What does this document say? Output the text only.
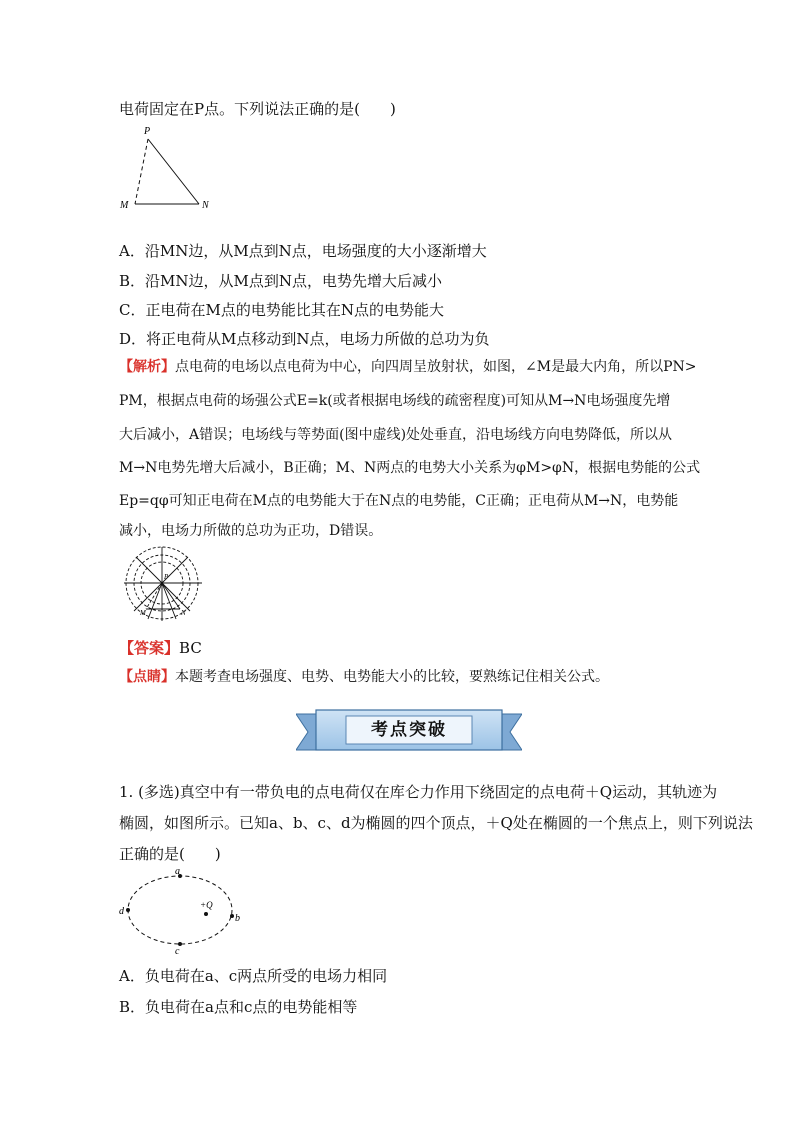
电荷固定在P点。下列说法正确的是(　　)
P
M	N
A．沿MN边，从M点到N点，电场强度的大小逐渐增大
B．沿MN边，从M点到N点，电势先增大后减小
C．正电荷在M点的电势能比其在N点的电势能大
D．将正电荷从M点移动到N点，电场力所做的总功为负
【解析】点电荷的电场以点电荷为中心，向四周呈放射状，如图，∠M是最大内角，所以PN>
PM，根据点电荷的场强公式E=k(或者根据电场线的疏密程度)可知从M→N电场强度先增
大后减小，A错误；电场线与等势面(图中虚线)处处垂直，沿电场线方向电势降低，所以从
M→N电势先增大后减小，B正确；M、N两点的电势大小关系为φM>φN，根据电势能的公式
Ep=qφ可知正电荷在M点的电势能大于在N点的电势能，C正确；正电荷从M→N，电势能
减小，电场力所做的总功为正功，D错误。
P
M	N
【答案】BC
【点睛】本题考查电场强度、电势、电势能大小的比较，要熟练记住相关公式。
考点突破
1. (多选)真空中有一带负电的点电荷仅在库仑力作用下绕固定的点电荷＋Q运动，其轨迹为
椭圆，如图所示。已知a、b、c、d为椭圆的四个顶点，＋Q处在椭圆的一个焦点上，则下列说法
正确的是(　　)
a
b
c
d
+Q
A．负电荷在a、c两点所受的电场力相同
B．负电荷在a点和c点的电势能相等
